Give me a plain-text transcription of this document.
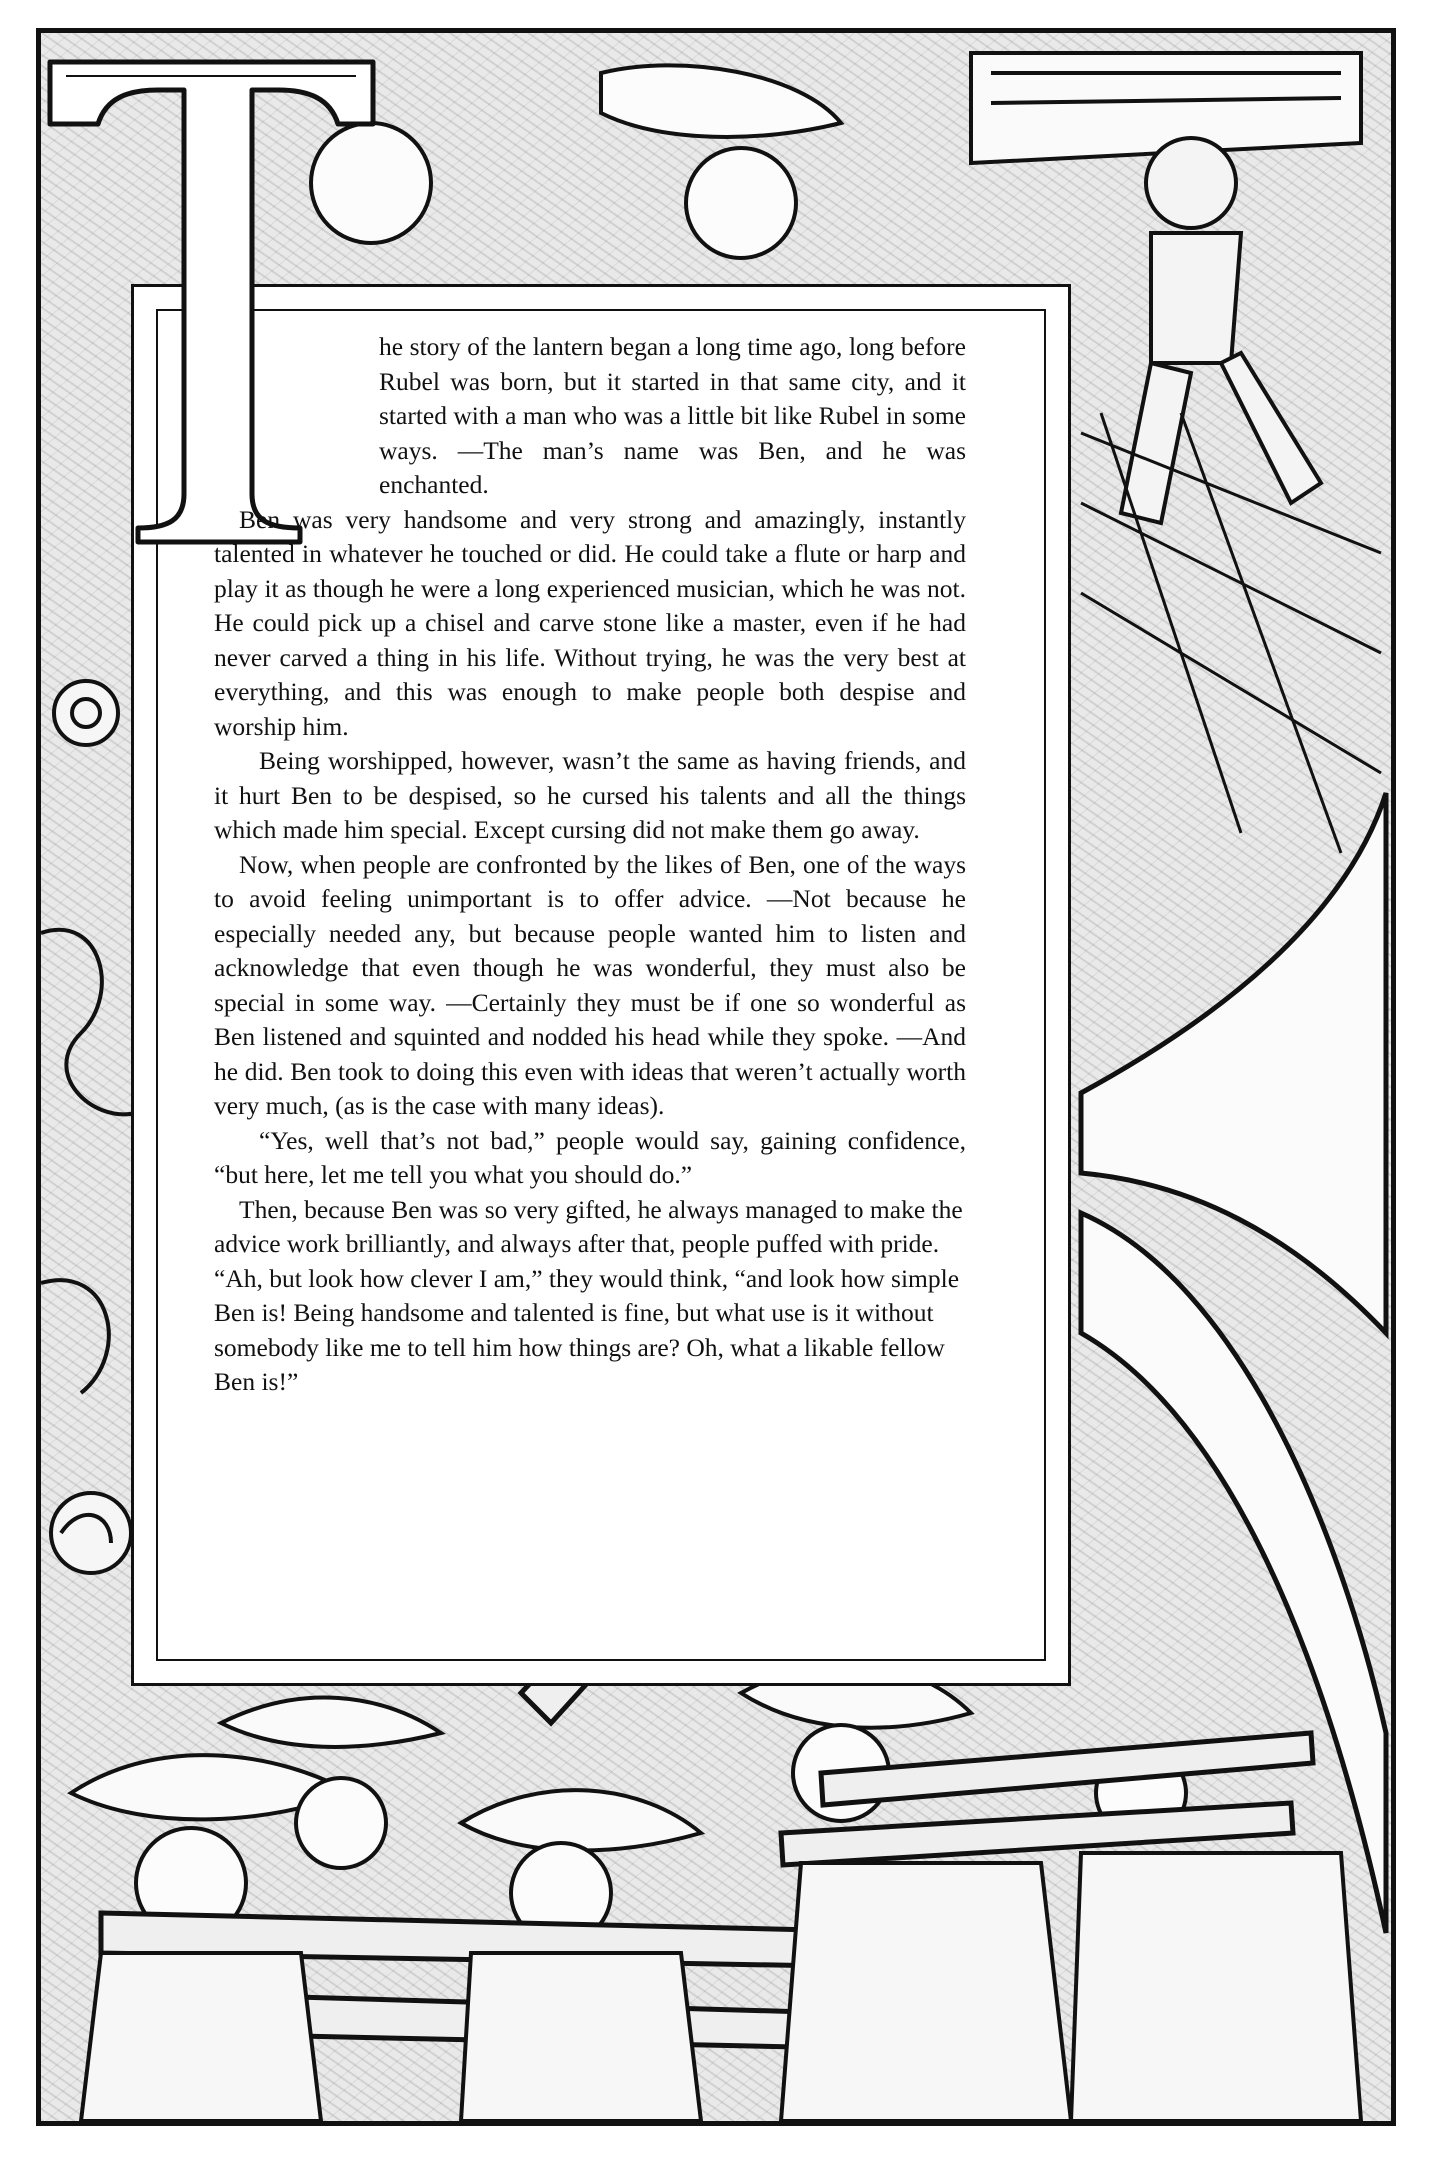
T	he story of the lantern began a long time ago, long before Rubel was born, but it started in that same city, and it started with a man who was a little bit like Rubel in some ways. —The man’s name was Ben, and he was enchanted.

Ben was very handsome and very strong and amazingly, instantly talented in whatever he touched or did. He could take a flute or harp and play it as though he were a long experienced musician, which he was not. He could pick up a chisel and carve stone like a master, even if he had never carved a thing in his life. Without trying, he was the very best at everything, and this was enough to make people both despise and worship him.

Being worshipped, however, wasn’t the same as having friends, and it hurt Ben to be despised, so he cursed his talents and all the things which made him special. Except cursing did not make them go away.

Now, when people are confronted by the likes of Ben, one of the ways to avoid feeling unimportant is to offer advice. —Not because he especially needed any, but because people wanted him to listen and acknowledge that even though he was wonderful, they must also be special in some way. —Certainly they must be if one so wonderful as Ben listened and squinted and nodded his head while they spoke. —And he did. Ben took to doing this even with ideas that weren’t actually worth very much, (as is the case with many ideas).

“Yes, well that’s not bad,” people would say, gaining confidence, “but here, let me tell you what you should do.”

Then, because Ben was so very gifted, he always managed to make the advice work brilliantly, and always after that, people puffed with pride. “Ah, but look how clever I am,” they would think, “and look how simple Ben is! Being handsome and talented is fine, but what use is it without somebody like me to tell him how things are? Oh, what a likable fellow Ben is!”
